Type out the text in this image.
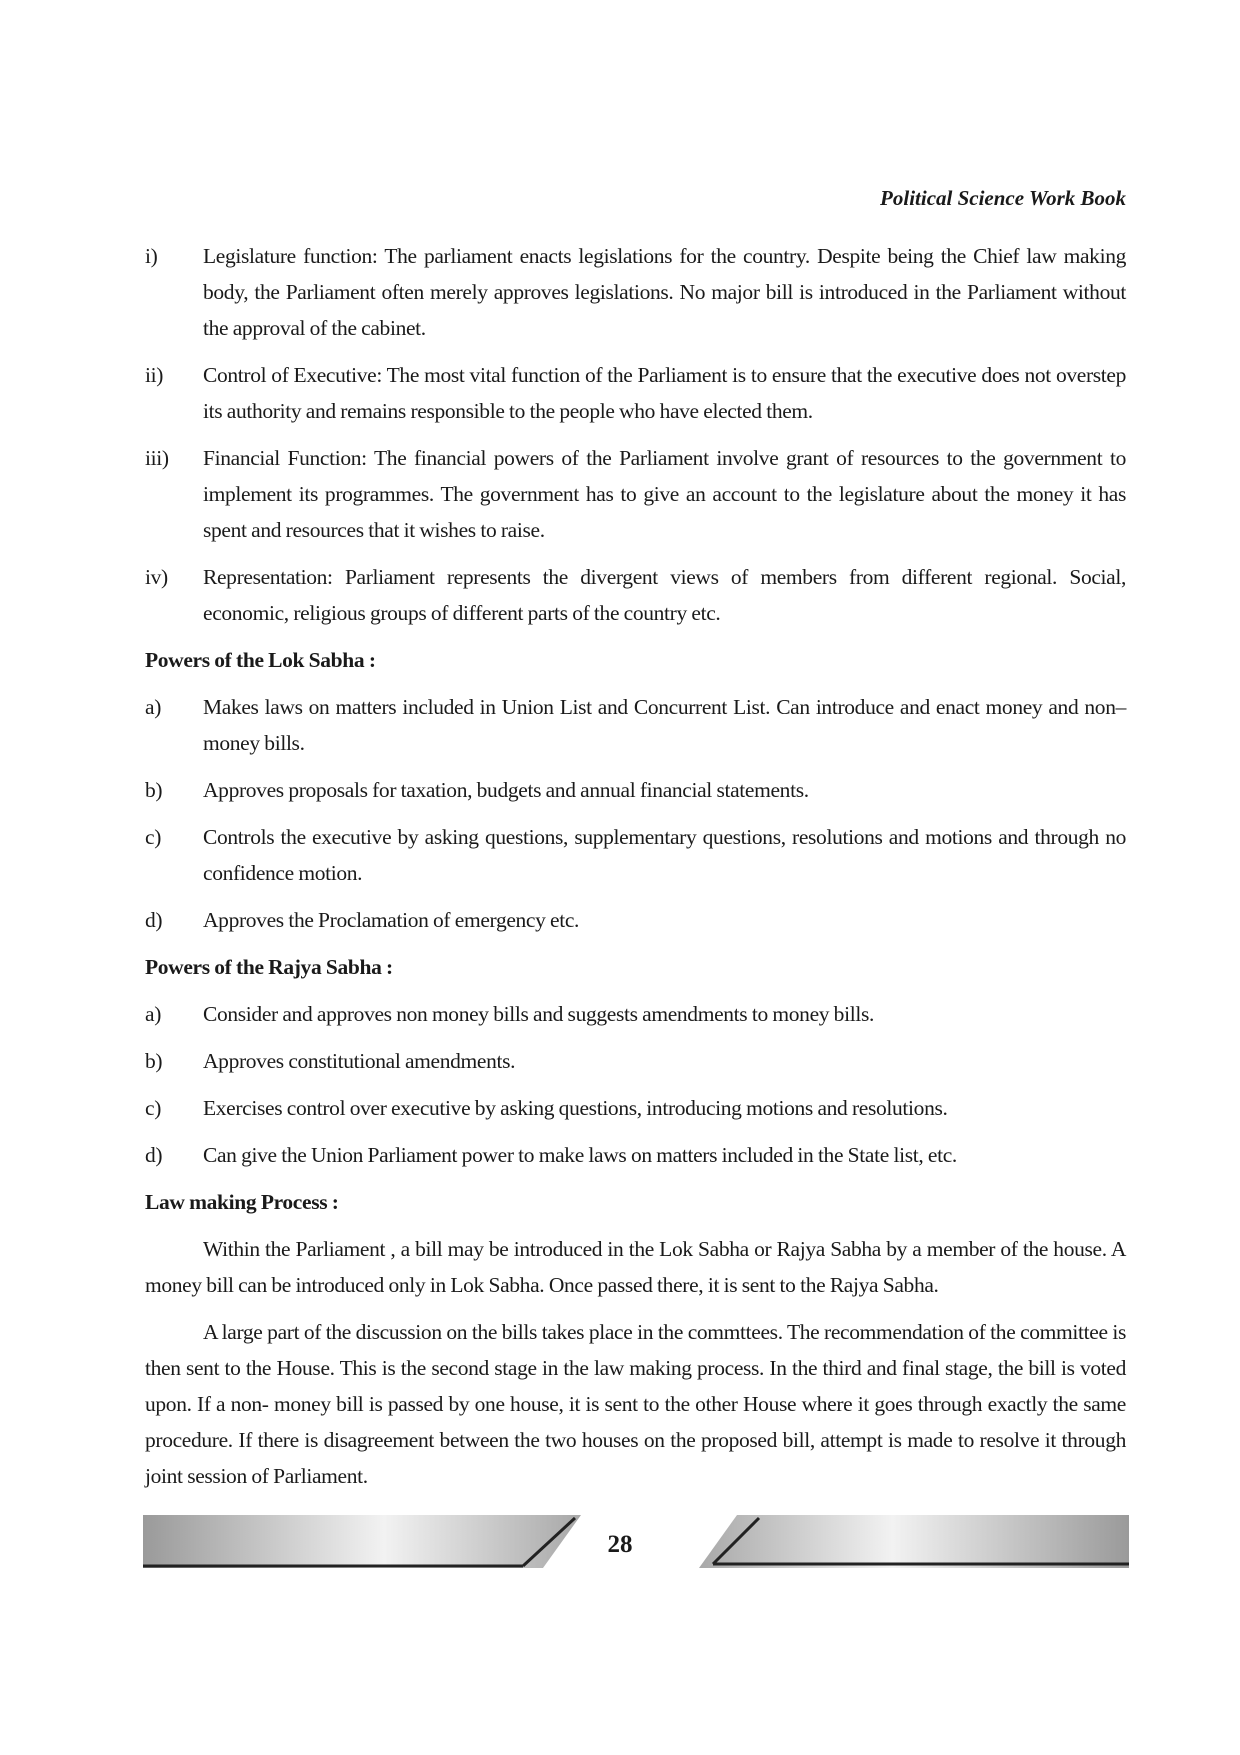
Political Science Work Book
i)	Legislature function: The parliament enacts legislations for the country. Despite being the Chief law making body, the Parliament often merely approves legislations. No major bill is introduced in the Parliament without the approval of the cabinet.
ii)	Control of Executive: The most vital function of the Parliament is to ensure that the executive does not overstep its authority and remains responsible to the people who have elected them.
iii)	Financial Function: The financial powers of the Parliament involve grant of resources to the government to implement its programmes. The government has to give an account to the legislature about the money it has spent and resources that it wishes to raise.
iv)	Representation: Parliament represents the divergent views of members from different regional. Social, economic, religious groups of different parts of the country etc.
Powers of the Lok Sabha :
a)	Makes laws on matters included in Union List and Concurrent List. Can introduce and enact money and non–money bills.
b)	Approves proposals for taxation, budgets and annual financial statements.
c)	Controls the executive by asking questions, supplementary questions, resolutions and motions and through no confidence motion.
d)	Approves the Proclamation of emergency etc.
Powers of the Rajya Sabha :
a)	Consider and approves non money bills and suggests amendments to money bills.
b)	Approves constitutional amendments.
c)	Exercises control over executive by asking questions, introducing motions and resolutions.
d)	Can give the Union Parliament power to make laws on matters included in the State list, etc.
Law making Process :

Within the Parliament , a bill may be introduced in the Lok Sabha or Rajya Sabha by a member of the house. A money bill can be introduced only in Lok Sabha. Once passed there, it is sent to the Rajya Sabha.

A large part of the discussion on the bills takes place in the commttees. The recommendation of the committee is then sent to the House. This is the second stage in the law making process. In the third and final stage, the bill is voted upon. If a non- money bill is passed by one house, it is sent to the other House where it goes through exactly the same procedure. If there is disagreement between the two houses on the proposed bill, attempt is made to resolve it through joint session of Parliament.

28
